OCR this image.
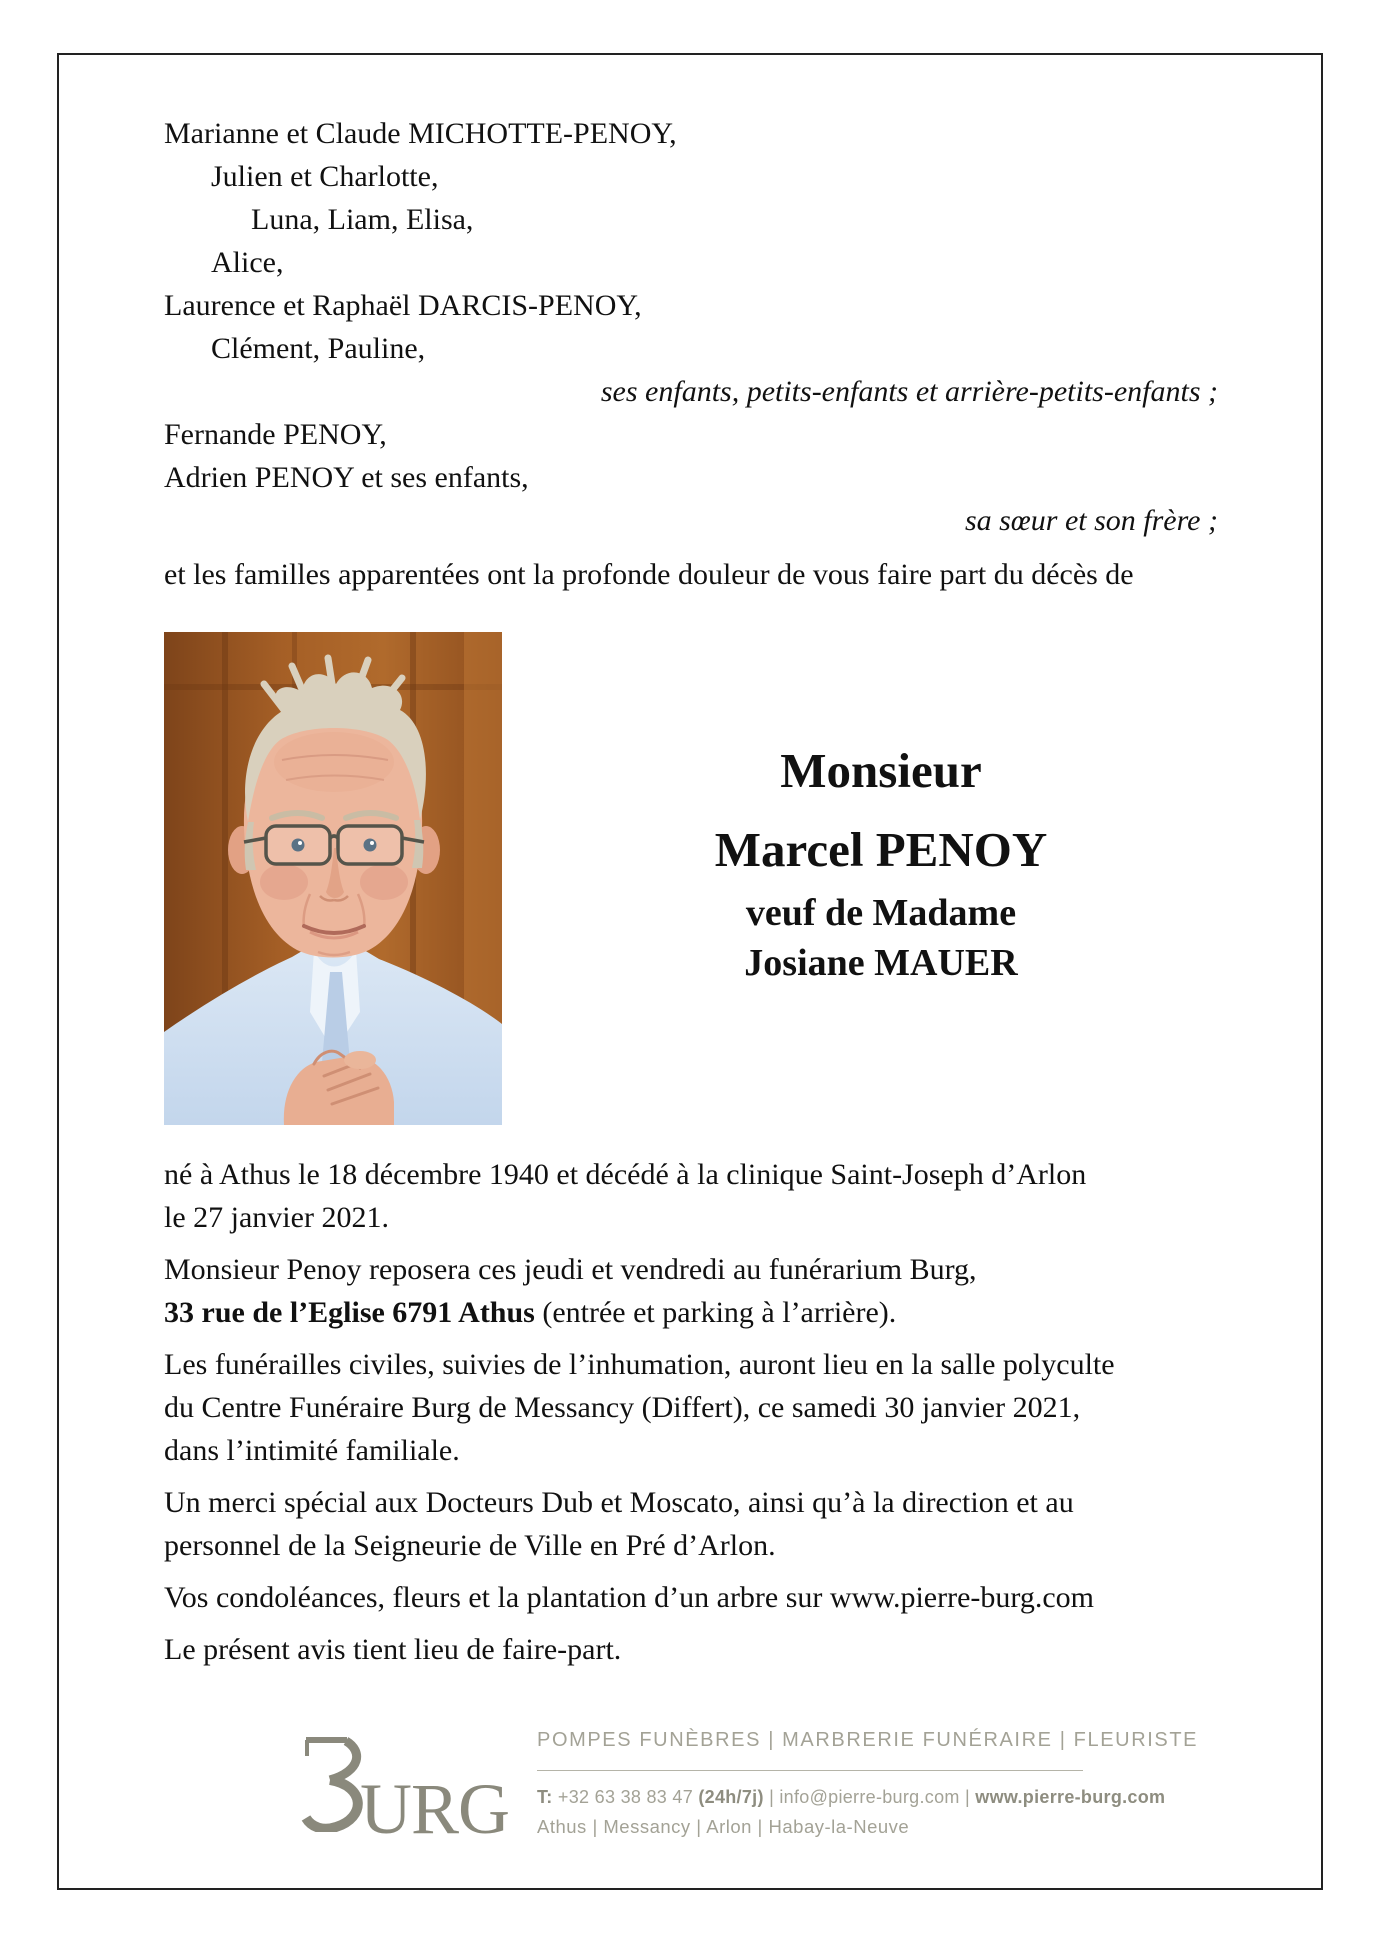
Marianne et Claude MICHOTTE-PENOY,
Julien et Charlotte,
Luna, Liam, Elisa,
Alice,
Laurence et Raphaël DARCIS-PENOY,
Clément, Pauline,
ses enfants, petits-enfants et arrière-petits-enfants ;
Fernande PENOY,
Adrien PENOY et ses enfants,
sa sœur et son frère ;
et les familles apparentées ont la profonde douleur de vous faire part du décès de
Monsieur
Marcel PENOY
veuf de Madame
Josiane MAUER
né à Athus le 18 décembre 1940 et décédé à la clinique Saint-Joseph d’Arlon
le 27 janvier 2021.
Monsieur Penoy reposera ces jeudi et vendredi au funérarium Burg,
33 rue de l’Eglise 6791 Athus (entrée et parking à l’arrière).
Les funérailles civiles, suivies de l’inhumation, auront lieu en la salle polyculte
du Centre Funéraire Burg de Messancy (Differt), ce samedi 30 janvier 2021,
dans l’intimité familiale.
Un merci spécial aux Docteurs Dub et Moscato, ainsi qu’à la direction et au
personnel de la Seigneurie de Ville en Pré d’Arlon.
Vos condoléances, fleurs et la plantation d’un arbre sur www.pierre-burg.com
Le présent avis tient lieu de faire-part.
URG
POMPES FUNÈBRES | MARBRERIE FUNÉRAIRE | FLEURISTE
T: +32 63 38 83 47 (24h/7j) | info@pierre-burg.com | www.pierre-burg.com
Athus | Messancy | Arlon | Habay-la-Neuve
